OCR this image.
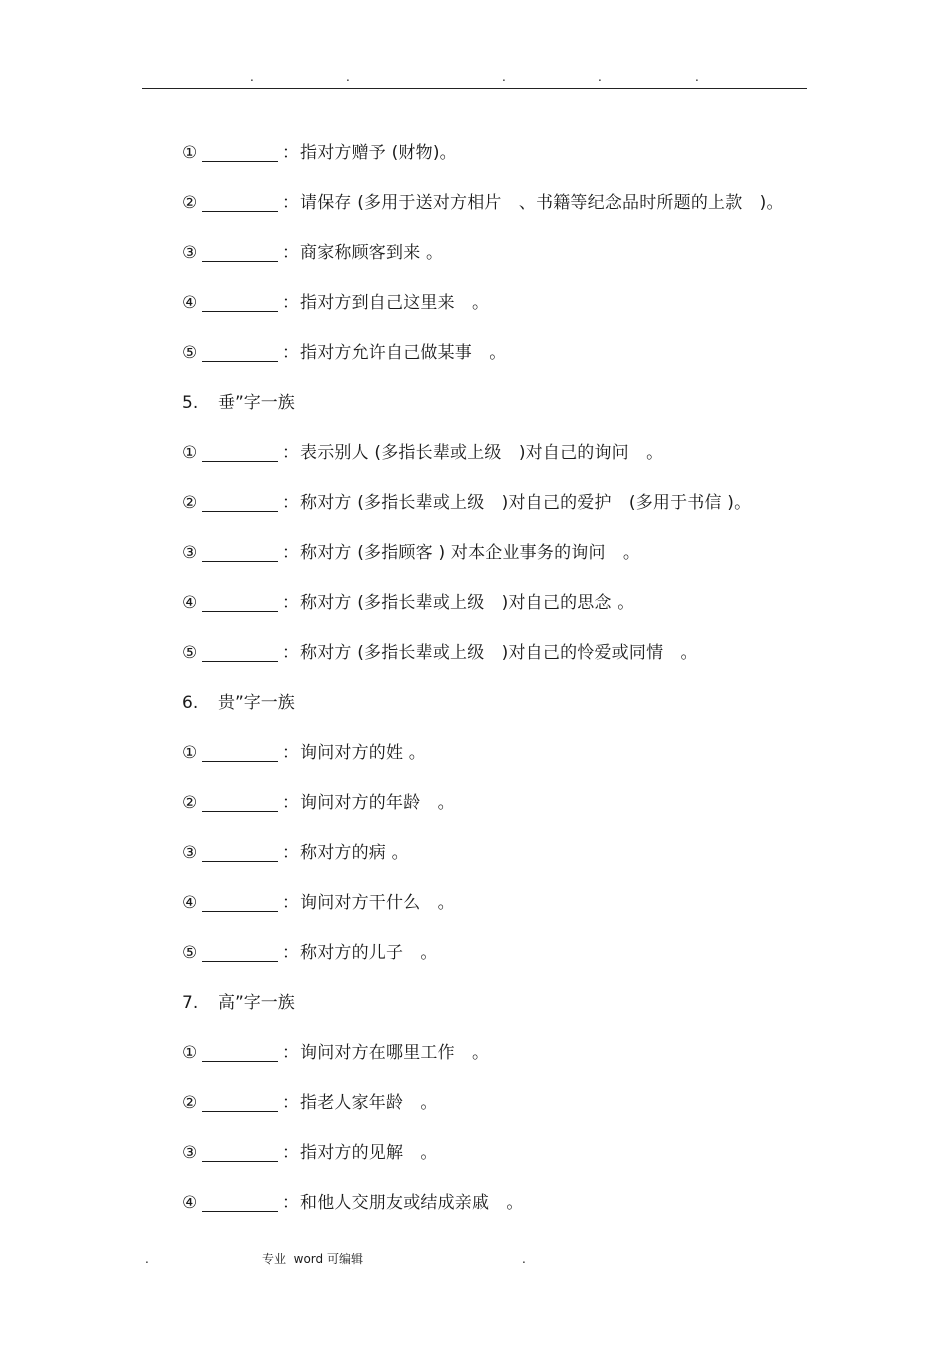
.	.	.	.	.
①	： 指对方赠予 (财物)。
②	： 请保存 (多用于送对方相片　、书籍等纪念品时所题的上款　)。
③	： 商家称顾客到来 。
④	： 指对方到自己这里来　。
⑤	： 指对方允许自己做某事　。
5.	垂”字一族
①	： 表示别人 (多指长辈或上级　)对自己的询问　。
②	： 称对方 (多指长辈或上级　)对自己的爱护　(多用于书信 )。
③	： 称对方 (多指顾客 ) 对本企业事务的询问　。
④	： 称对方 (多指长辈或上级　)对自己的思念 。
⑤	： 称对方 (多指长辈或上级　)对自己的怜爱或同情　。
6.	贵”字一族
①	： 询问对方的姓 。
②	： 询问对方的年龄　。
③	： 称对方的病 。
④	： 询问对方干什么　。
⑤	： 称对方的儿子　。
7.	高”字一族
①	： 询问对方在哪里工作　。
②	： 指老人家年龄　。
③	： 指对方的见解　。
④	： 和他人交朋友或结成亲戚　。
.	专业  word 可编辑	.
